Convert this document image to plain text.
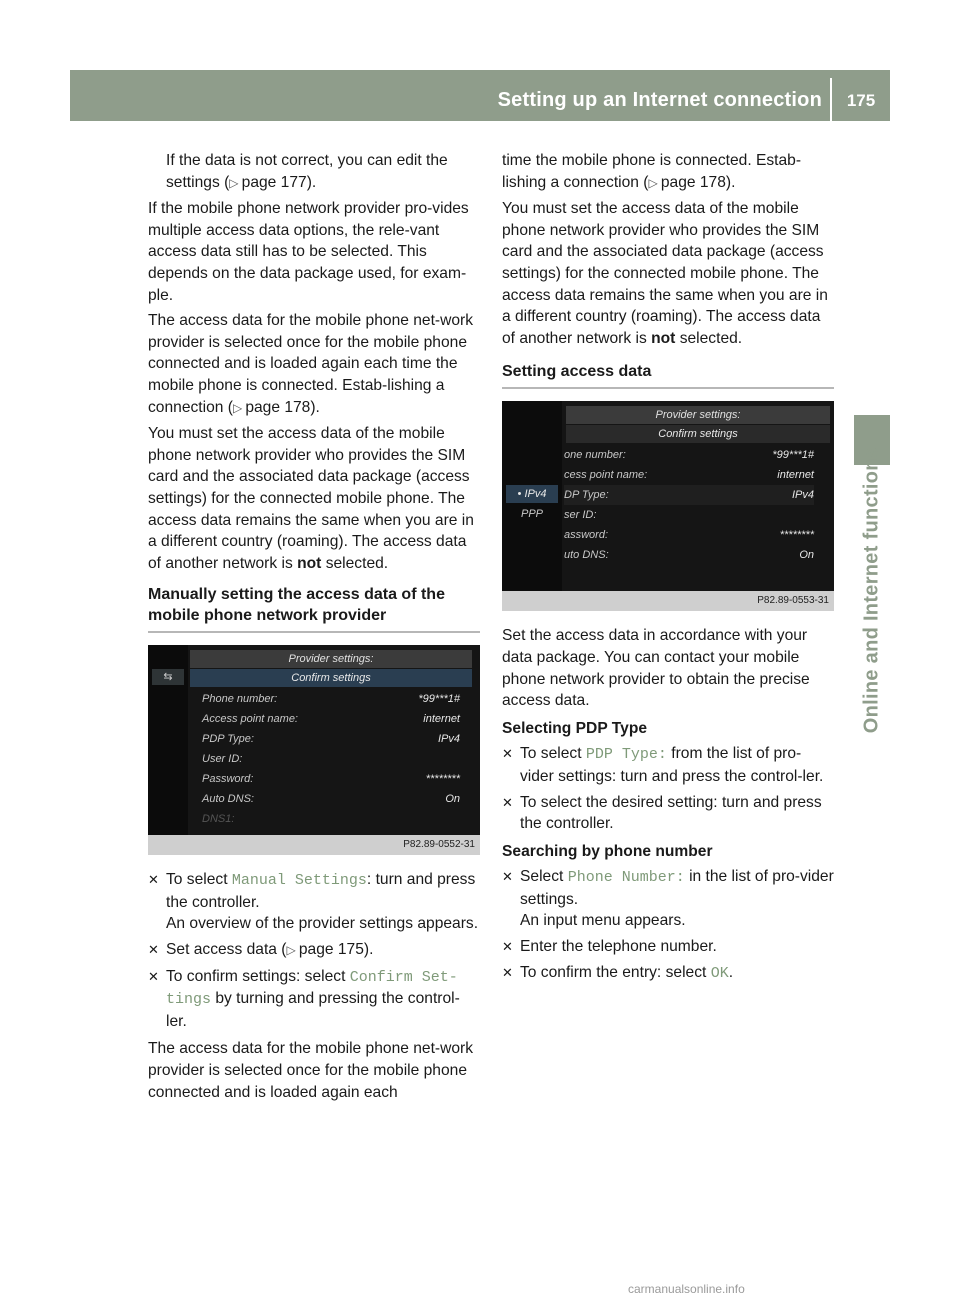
Setting up an Internet connection	175
Online and Internet functions

If the data is not correct, you can edit the settings (▷  page 177).

If the mobile phone network provider pro-vides multiple access data options, the rele-vant access data still has to be selected. This depends on the data package used, for exam-ple.

The access data for the mobile phone net-work provider is selected once for the mobile phone connected and is loaded again each time the mobile phone is connected. Estab-lishing a connection (▷  page 178).

You must set the access data of the mobile phone network provider who provides the SIM card and the associated data package (access settings) for the connected mobile phone. The access data remains the same when you are in a different country (roaming). The access data of another network is not selected.

Manually setting the access data of the mobile phone network provider
⇆
Provider settings:
Confirm settings
Phone number:	*99***1#
Access point name:	internet
PDP Type:	IPv4
User ID:
Password:	********
Auto DNS:	On
DNS1:
P82.89-0552-31
✕ To select Manual Settings: turn and press the controller.
An overview of the provider settings appears.
✕ Set access data (▷  page 175).
✕ To confirm settings: select Confirm Set-tings by turning and pressing the control-ler.

The access data for the mobile phone net-work provider is selected once for the mobile phone connected and is loaded again each

time the mobile phone is connected. Estab-lishing a connection (▷  page 178).

You must set the access data of the mobile phone network provider who provides the SIM card and the associated data package (access settings) for the connected mobile phone. The access data remains the same when you are in a different country (roaming). The access data of another network is not selected.

Setting access data
• IPv4
PPP
Provider settings:
Confirm settings
one number:	*99***1#
cess point name:	internet
DP Type:	IPv4
ser ID:
assword:	********
uto DNS:	On
P82.89-0553-31

Set the access data in accordance with your data package. You can contact your mobile phone network provider to obtain the precise access data.

Selecting PDP Type
✕ To select PDP Type: from the list of pro-vider settings: turn and press the control-ler.
✕ To select the desired setting: turn and press the controller.
Searching by phone number
✕ Select Phone Number: in the list of pro-vider settings.
An input menu appears.
✕ Enter the telephone number.
✕ To confirm the entry: select OK.
carmanualsonline.info
